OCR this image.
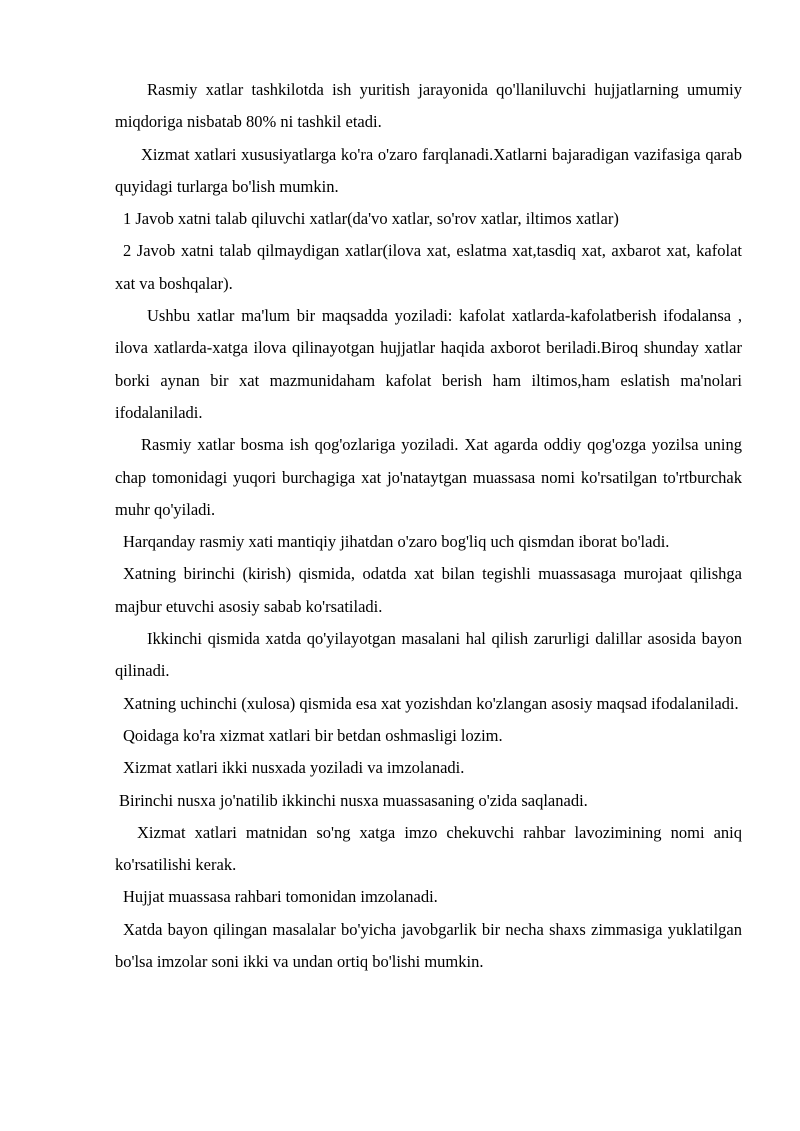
Rasmiy xatlar tashkilotda ish yuritish jarayonida qo'llaniluvchi hujjatlarning umumiy miqdoriga nisbatab 80% ni tashkil etadi.

Xizmat xatlari xususiyatlarga ko'ra o'zaro farqlanadi.Xatlarni bajaradigan vazifasiga qarab quyidagi turlarga bo'lish mumkin.

1 Javob xatni talab qiluvchi xatlar(da'vo xatlar, so'rov xatlar, iltimos xatlar)

2 Javob xatni talab qilmaydigan xatlar(ilova xat, eslatma xat,tasdiq xat, axbarot xat, kafolat xat va boshqalar).

Ushbu xatlar ma'lum bir maqsadda yoziladi: kafolat xatlarda-kafolatberish ifodalansa , ilova xatlarda-xatga ilova qilinayotgan hujjatlar haqida axborot beriladi.Biroq shunday xatlar borki aynan bir xat mazmunidaham kafolat berish ham iltimos,ham eslatish ma'nolari ifodalaniladi.

Rasmiy xatlar bosma ish qog'ozlariga yoziladi. Xat agarda oddiy qog'ozga yozilsa uning chap tomonidagi yuqori burchagiga xat jo'nataytgan muassasa nomi ko'rsatilgan to'rtburchak muhr qo'yiladi.

Harqanday rasmiy xati mantiqiy jihatdan o'zaro bog'liq uch qismdan iborat bo'ladi.

Xatning birinchi (kirish) qismida, odatda xat bilan tegishli muassasaga murojaat qilishga majbur etuvchi asosiy sabab ko'rsatiladi.

Ikkinchi qismida xatda qo'yilayotgan masalani hal qilish zarurligi dalillar asosida bayon qilinadi.

Xatning uchinchi (xulosa) qismida esa xat yozishdan ko'zlangan asosiy maqsad ifodalaniladi.

Qoidaga ko'ra xizmat xatlari bir betdan oshmasligi lozim.

Xizmat xatlari ikki nusxada yoziladi va imzolanadi.

Birinchi nusxa jo'natilib ikkinchi nusxa muassasaning o'zida saqlanadi.

Xizmat xatlari matnidan so'ng xatga imzo chekuvchi rahbar lavozimining nomi aniq ko'rsatilishi kerak.

Hujjat muassasa rahbari tomonidan imzolanadi.

Xatda bayon qilingan masalalar bo'yicha javobgarlik bir necha shaxs zimmasiga yuklatilgan bo'lsa imzolar soni ikki va undan ortiq bo'lishi mumkin.
